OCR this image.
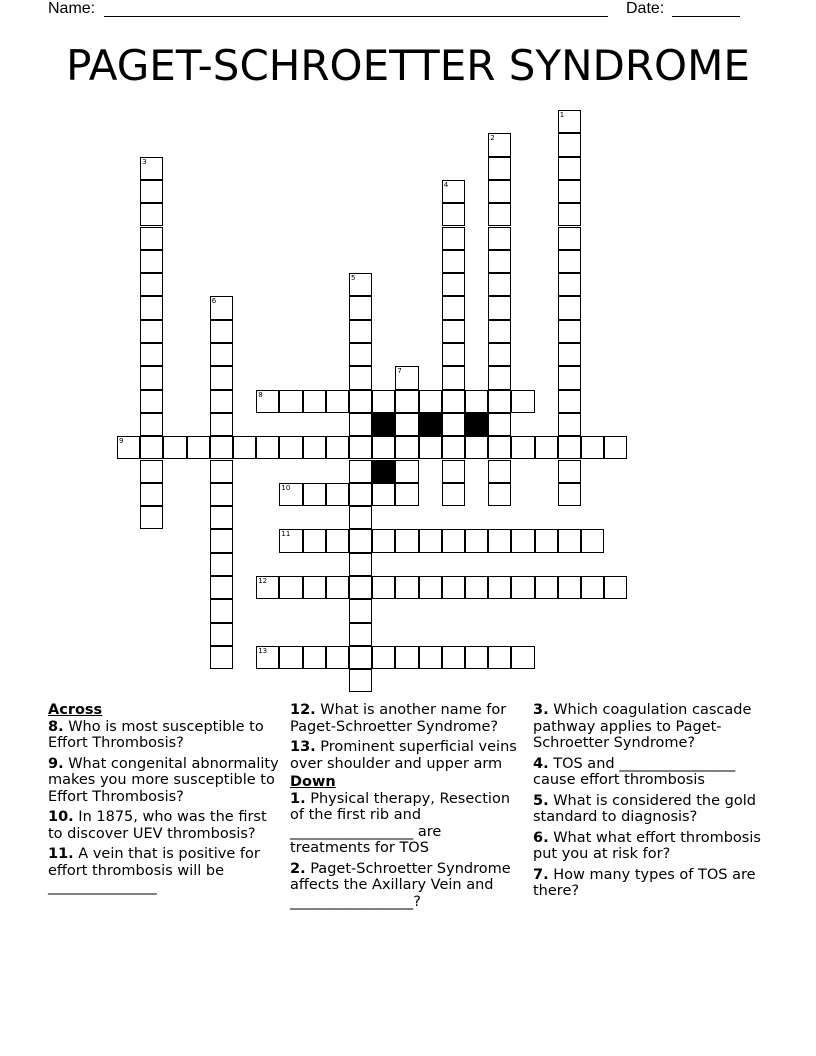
Name:	Date:
PAGET-SCHROETTER SYNDROME
1
2
3
4
5
6
7
8
9
10
11
12
13
Across

8. Who is most susceptible to Effort Thrombosis?

9. What congenital abnormality makes you more susceptible to Effort Thrombosis?

10. In 1875, who was the first to discover UEV thrombosis?

11. A vein that is positive for effort thrombosis will be _______________

12. What is another name for Paget-Schroetter Syndrome?

13. Prominent superficial veins over shoulder and upper arm

Down

1. Physical therapy, Resection of the first rib and _________________ are treatments for TOS

2. Paget-Schroetter Syndrome affects the Axillary Vein and _________________?

3. Which coagulation cascade pathway applies to Paget-Schroetter Syndrome?

4. TOS and ________________ cause effort thrombosis

5. What is considered the gold standard to diagnosis?

6. What what effort thrombosis put you at risk for?

7. How many types of TOS are there?
